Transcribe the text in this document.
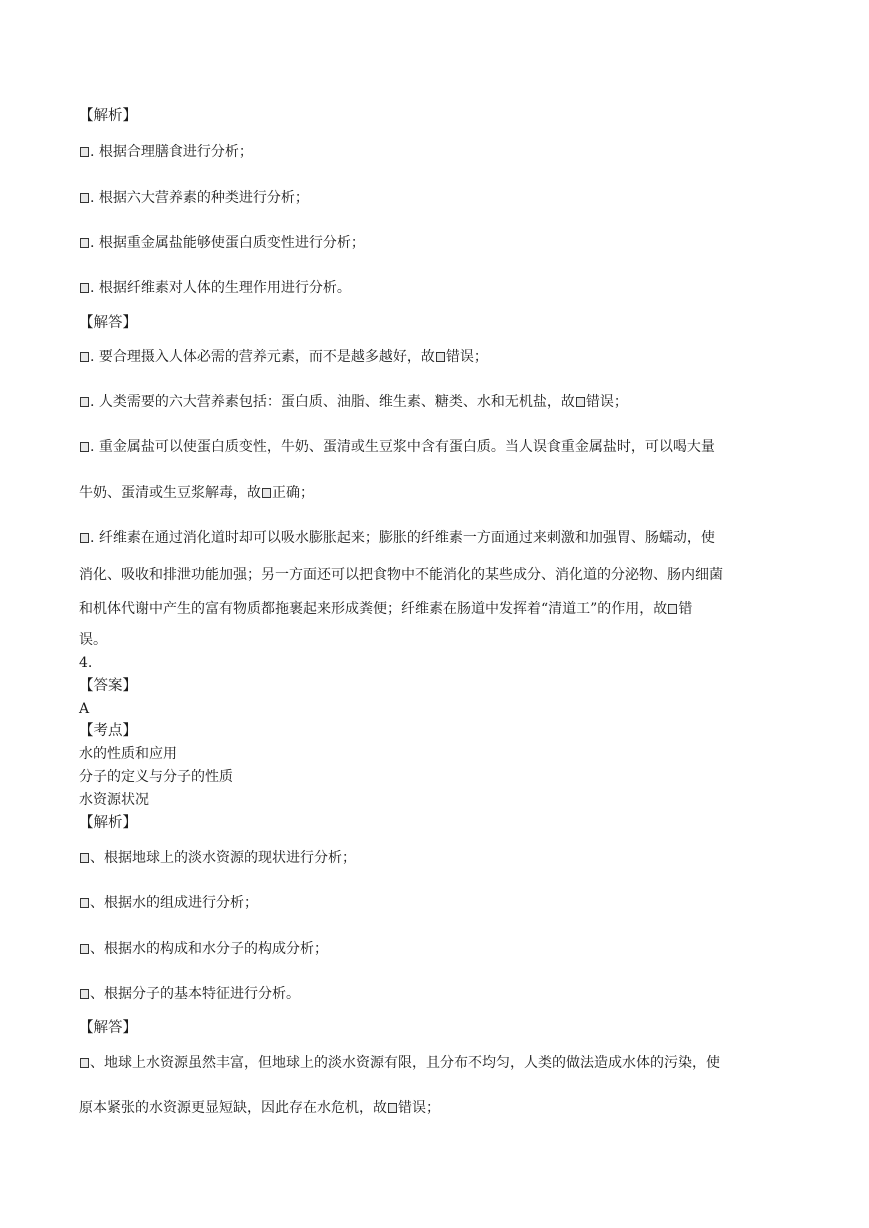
【解析】

. 根据合理膳食进行分析；

. 根据六大营养素的种类进行分析；

. 根据重金属盐能够使蛋白质变性进行分析；

. 根据纤维素对人体的生理作用进行分析。

【解答】

. 要合理摄入人体必需的营养元素，而不是越多越好，故 错误；

. 人类需要的六大营养素包括：蛋白质、油脂、维生素、糖类、水和无机盐，故 错误；

. 重金属盐可以使蛋白质变性，牛奶、蛋清或生豆浆中含有蛋白质。当人误食重金属盐时，可以喝大量

牛奶、蛋清或生豆浆解毒，故 正确；

. 纤维素在通过消化道时却可以吸水膨胀起来；膨胀的纤维素一方面通过来刺激和加强胃、肠蠕动，使

消化、吸收和排泄功能加强；另一方面还可以把食物中不能消化的某些成分、消化道的分泌物、肠内细菌

和机体代谢中产生的富有物质都拖裹起来形成粪便；纤维素在肠道中发挥着“清道工”的作用，故 错

误。

4.

【答案】

A

【考点】

水的性质和应用

分子的定义与分子的性质

水资源状况

【解析】

、根据地球上的淡水资源的现状进行分析；

、根据水的组成进行分析；

、根据水的构成和水分子的构成分析；

、根据分子的基本特征进行分析。

【解答】

、地球上水资源虽然丰富，但地球上的淡水资源有限，且分布不均匀，人类的做法造成水体的污染，使

原本紧张的水资源更显短缺，因此存在水危机，故 错误；
